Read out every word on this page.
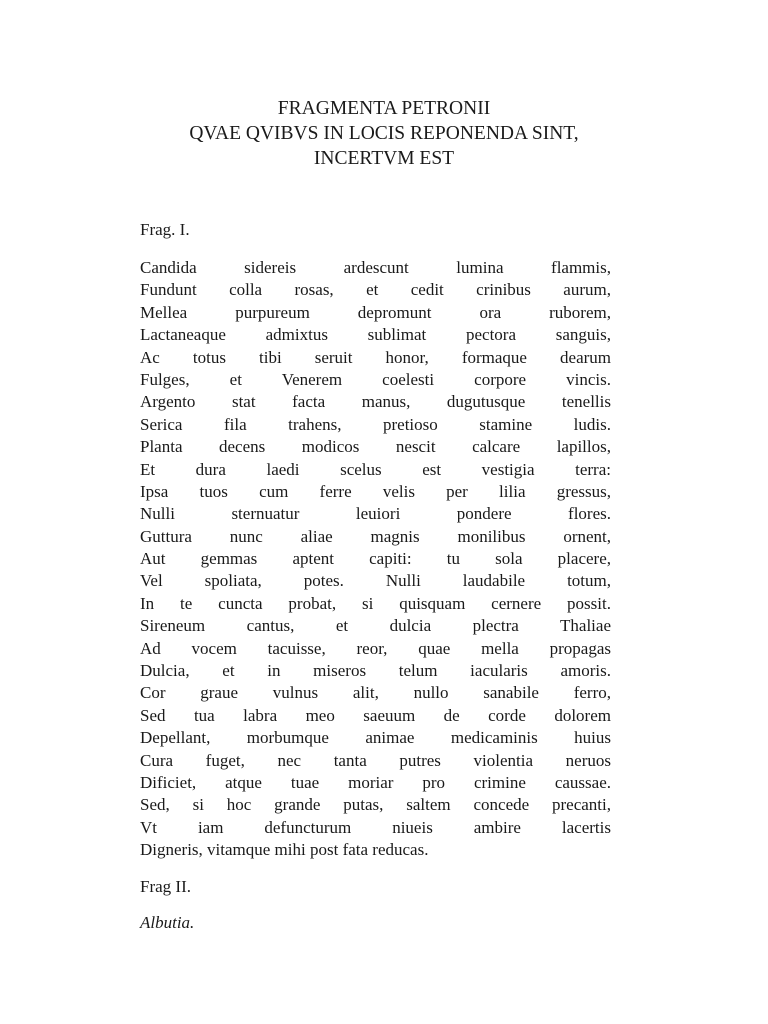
FRAGMENTA PETRONII
QVAE QVIBVS IN LOCIS REPONENDA SINT,
INCERTVM EST

Frag. I.

Candida sidereis ardescunt lumina flammis,
Fundunt colla rosas, et cedit crinibus aurum,
Mellea purpureum depromunt ora ruborem,
Lactaneaque admixtus sublimat pectora sanguis,
Ac totus tibi seruit honor, formaque dearum
Fulges, et Venerem coelesti corpore vincis.
Argento stat facta manus, dugutusque tenellis
Serica fila trahens, pretioso stamine ludis.
Planta decens modicos nescit calcare lapillos,
Et dura laedi scelus est vestigia terra:
Ipsa tuos cum ferre velis per lilia gressus,
Nulli sternuatur leuiori pondere flores.
Guttura nunc aliae magnis monilibus ornent,
Aut gemmas aptent capiti: tu sola placere,
Vel spoliata, potes. Nulli laudabile totum,
In te cuncta probat, si quisquam cernere possit.
Sireneum cantus, et dulcia plectra Thaliae
Ad vocem tacuisse, reor, quae mella propagas
Dulcia, et in miseros telum iacularis amoris.
Cor graue vulnus alit, nullo sanabile ferro,
Sed tua labra meo saeuum de corde dolorem
Depellant, morbumque animae medicaminis huius
Cura fuget, nec tanta putres violentia neruos
Dificiet, atque tuae moriar pro crimine caussae.
Sed, si hoc grande putas, saltem concede precanti,
Vt iam defuncturum niueis ambire lacertis
Digneris, vitamque mihi post fata reducas.

Frag II.

Albutia.
